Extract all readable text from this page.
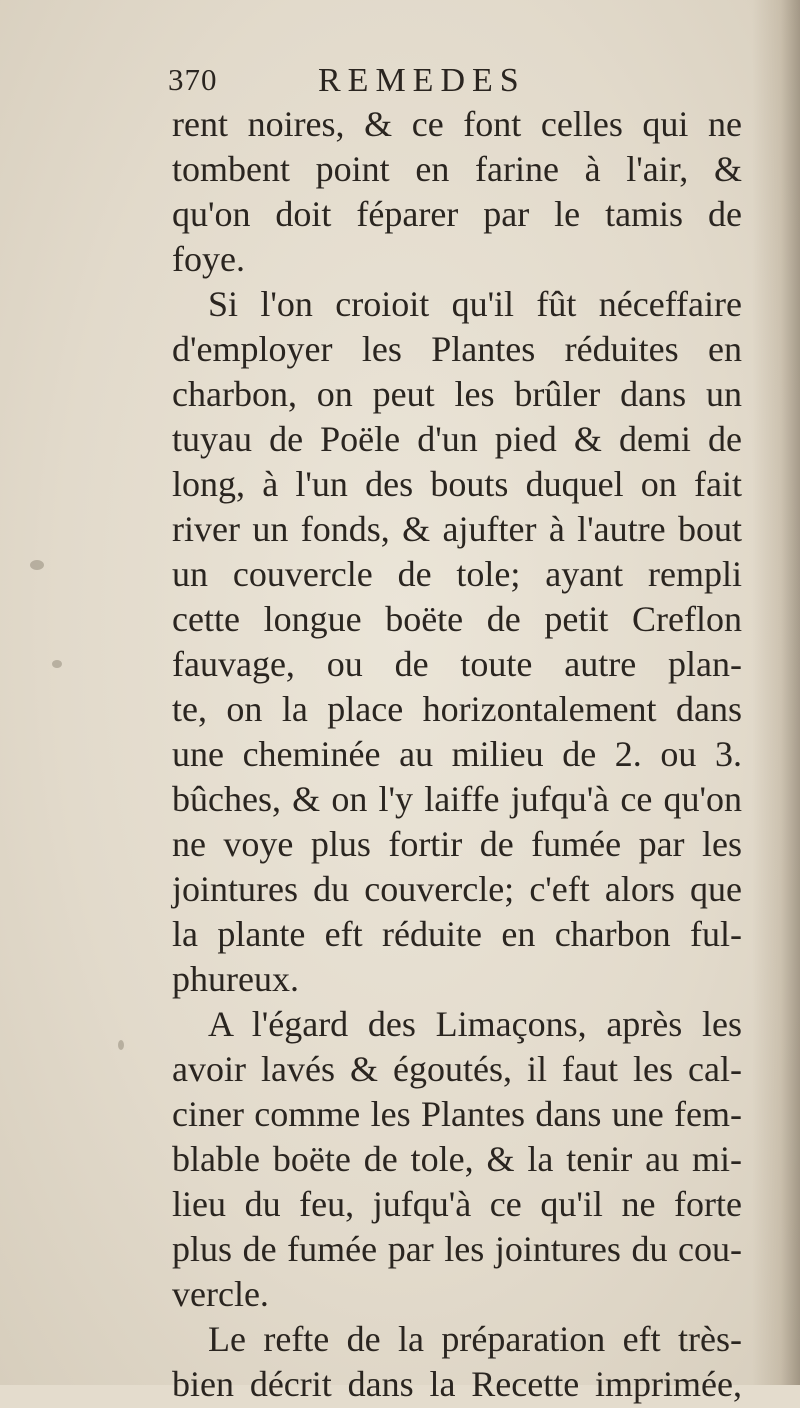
370	REMEDES
rent noires, & ce font celles qui ne
tombent point en farine à l'air, &
qu'on doit féparer par le tamis de
foye.
Si l'on croioit qu'il fût néceffaire
d'employer les Plantes réduites en
charbon, on peut les brûler dans un
tuyau de Poële d'un pied & demi de
long, à l'un des bouts duquel on fait
river un fonds, & ajufter à l'autre bout
un couvercle de tole; ayant rempli
cette longue boëte de petit Creflon
fauvage, ou de toute autre plan-
te, on la place horizontalement dans
une cheminée au milieu de 2. ou 3.
bûches, & on l'y laiffe jufqu'à ce qu'on
ne voye plus fortir de fumée par les
jointures du couvercle; c'eft alors que
la plante eft réduite en charbon ful-
phureux.
A l'égard des Limaçons, après les
avoir lavés & égoutés, il faut les cal-
ciner comme les Plantes dans une fem-
blable boëte de tole, & la tenir au mi-
lieu du feu, jufqu'à ce qu'il ne forte
plus de fumée par les jointures du cou-
vercle.
Le refte de la préparation eft très-
bien décrit dans la Recette imprimée,
